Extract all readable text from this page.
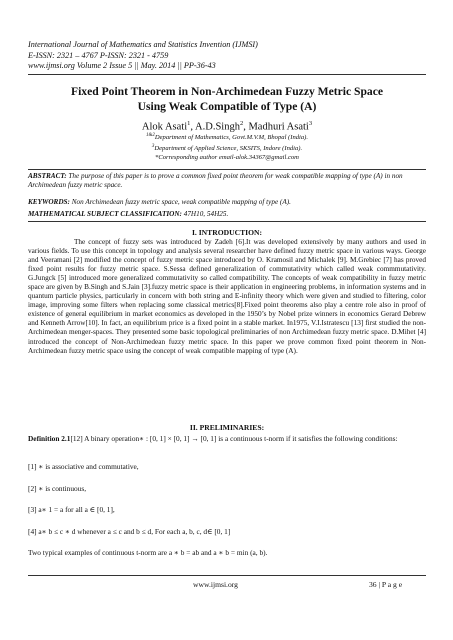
International Journal of Mathematics and Statistics Invention (IJMSI)
E-ISSN: 2321 – 4767 P-ISSN: 2321 - 4759
www.ijmsi.org Volume 2 Issue 5 || May. 2014 || PP-36-43
Fixed Point Theorem in Non-Archimedean Fuzzy Metric Space
Using Weak Compatible of Type (A)
Alok Asati$^1$, A.D.Singh$^2$, Madhuri Asati$^3$
$^{1\&2}$Department of Mathematics, Govt.M.V.M, Bhopal (India).
$^3$Department of Applied Science, SKSITS, Indore (India).
*Corresponding author email-alok.34367@gmail.com
ABSTRACT: The purpose of this paper is to prove a common fixed point theorem for weak compatible mapping of type (A) in non Archimedean fuzzy metric space.
KEYWORDS: Non Archimedean fuzzy metric space, weak compatible mapping of type (A).
MATHEMATICAL SUBJECT CLASSIFICATION: 47H10, 54H25.
I. INTRODUCTION:
The concept of fuzzy sets was introduced by Zadeh [6].It was developed extensively by many authors and used in various fields. To use this concept in topology and analysis several researcher have defined fuzzy metric space in various ways. George and Veeramani [2] modified the concept of fuzzy metric space introduced by O. Kramosil and Michalek [9]. M.Grebiec [7] has proved fixed point results for fuzzy metric space. S.Sessa defined generalization of commutativity which called weak commmutativity. G.Jungck [5] introduced more generalized commutativity so called compatibility. The concepts of weak compatibility in fuzzy metric space are given by B.Singh and S.Jain [3].fuzzy metric space is their application in engineering problems, in information systems and in quantum particle physics, particularly in concern with both string and E-infinity theory which were given and studied to filtering, color image, improving some filters when replacing some classical metrics[8].Fixed point theorems also play a centre role also in proof of existence of general equilibrium in market economics as developed in the 1950’s by Nobel prize winners in economics Gerard Debrew and Kenneth Arrow[10]. In fact, an equilibrium price is a fixed point in a stable market. In1975, V.I.Istratescu [13] first studied the non-Archimedean menger-spaces. They presented some basic topological preliminaries of non Archimedean fuzzy metric space. D.Mihet [4] introduced the concept of Non-Archimedean fuzzy metric space. In this paper we prove common fixed point theorem in Non-Archimedean fuzzy metric space using the concept of weak compatible mapping of type (A).
II. PRELIMINARIES:
Definition 2.1[12] A binary operation∗ : [0, 1] × [0, 1] → [0, 1] is a continuous t-norm if it satisfies the following conditions:
[1] ∗ is associative and commutative,
[2] ∗ is continuous,
[3] a∗ 1 = a for all a ∈ [0, 1],
[4] a∗ b ≤ c ∗ d whenever a ≤ c and b ≤ d, For each a, b, c, d∈ [0, 1]
Two typical examples of continuous t-norm are a ∗ b = ab and a ∗ b = min (a, b).
www.ijmsi.org	36 | P a g e
